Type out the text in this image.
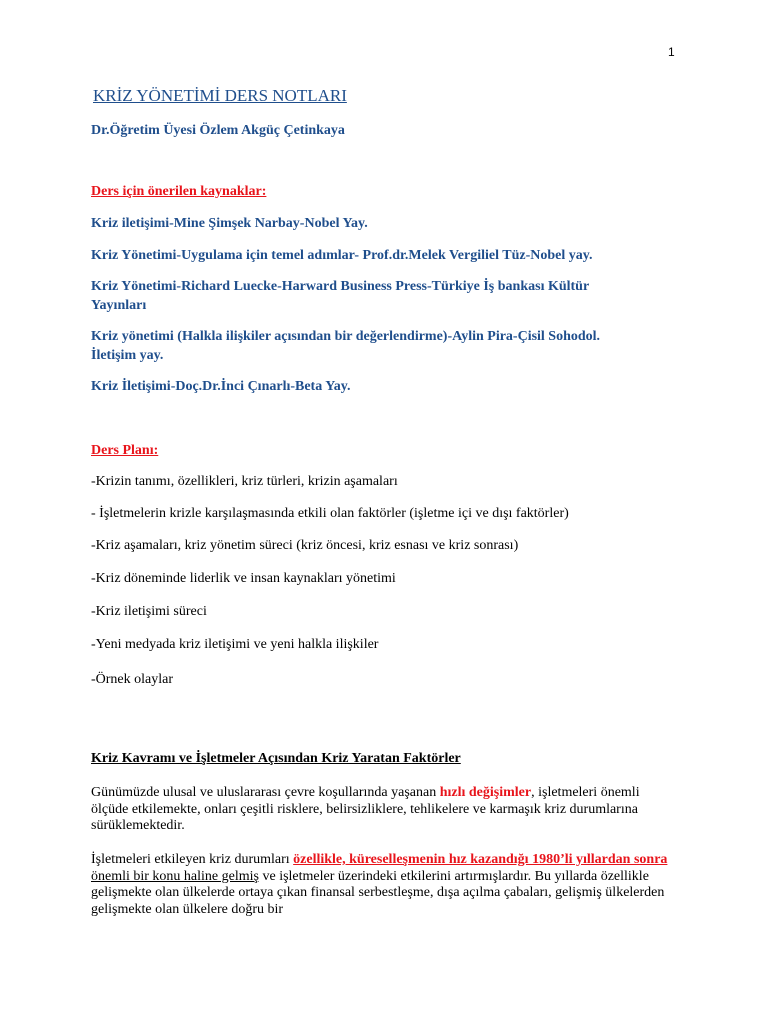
1
KRİZ YÖNETİMİ DERS NOTLARI
Dr.Öğretim Üyesi Özlem Akgüç Çetinkaya
Ders için önerilen kaynaklar:
Kriz iletişimi-Mine Şimşek Narbay-Nobel Yay.
Kriz Yönetimi-Uygulama için temel adımlar- Prof.dr.Melek Vergiliel Tüz-Nobel yay.
Kriz Yönetimi-Richard Luecke-Harward Business Press-Türkiye İş bankası Kültür
Yayınları
Kriz yönetimi (Halkla ilişkiler açısından bir değerlendirme)-Aylin Pira-Çisil Sohodol.
İletişim yay.
Kriz İletişimi-Doç.Dr.İnci Çınarlı-Beta Yay.
Ders Planı:
-Krizin tanımı, özellikleri, kriz türleri, krizin aşamaları
- İşletmelerin krizle karşılaşmasında etkili olan faktörler (işletme içi ve dışı faktörler)
-Kriz aşamaları, kriz yönetim süreci (kriz öncesi, kriz esnası ve kriz sonrası)
-Kriz döneminde liderlik ve insan kaynakları yönetimi
-Kriz iletişimi süreci
-Yeni medyada kriz iletişimi ve yeni halkla ilişkiler
-Örnek olaylar
Kriz Kavramı ve İşletmeler Açısından Kriz Yaratan Faktörler
Günümüzde ulusal ve uluslararası çevre koşullarında yaşanan hızlı değişimler, işletmeleri önemli ölçüde etkilemekte, onları çeşitli risklere, belirsizliklere, tehlikelere ve karmaşık kriz durumlarına sürüklemektedir.
İşletmeleri etkileyen kriz durumları özellikle, küreselleşmenin hız kazandığı 1980’li yıllardan sonra önemli bir konu haline gelmiş ve işletmeler üzerindeki etkilerini artırmışlardır. Bu yıllarda özellikle gelişmekte olan ülkelerde ortaya çıkan finansal serbestleşme, dışa açılma çabaları, gelişmiş ülkelerden gelişmekte olan ülkelere doğru bir
